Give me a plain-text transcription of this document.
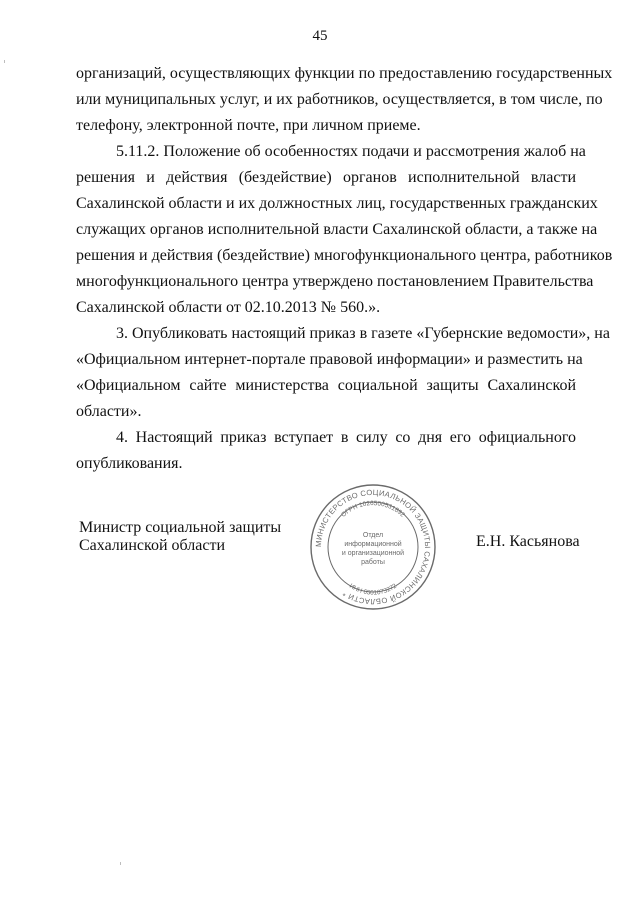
45
организаций, осуществляющих функции по предоставлению государственных
или муниципальных услуг, и их работников, осуществляется, в том числе, по
телефону, электронной почте, при личном приеме.
5.11.2. Положение об особенностях подачи и рассмотрения жалоб на
решения и действия (бездействие) органов исполнительной власти
Сахалинской области и их должностных лиц, государственных гражданских
служащих органов исполнительной власти Сахалинской области, а также на
решения и действия (бездействие) многофункционального центра, работников
многофункционального центра утверждено постановлением Правительства
Сахалинской области от 02.10.2013 № 560.».
3. Опубликовать настоящий приказ в газете «Губернские ведомости», на
«Официальном интернет-портале правовой информации» и разместить на
«Официальном сайте министерства социальной защиты Сахалинской
области».
4. Настоящий приказ вступает в силу со дня его официального
опубликования.
Министр социальной защиты
Сахалинской области	Е.Н. Касьянова
МИНИСТЕРСТВО СОЦИАЛЬНОЙ ЗАЩИТЫ САХАЛИНСКОЙ ОБЛАСТИ *
ОГРН 1026500531892
ИНН 6501073272
Отдел
информационной
и организационной
работы
